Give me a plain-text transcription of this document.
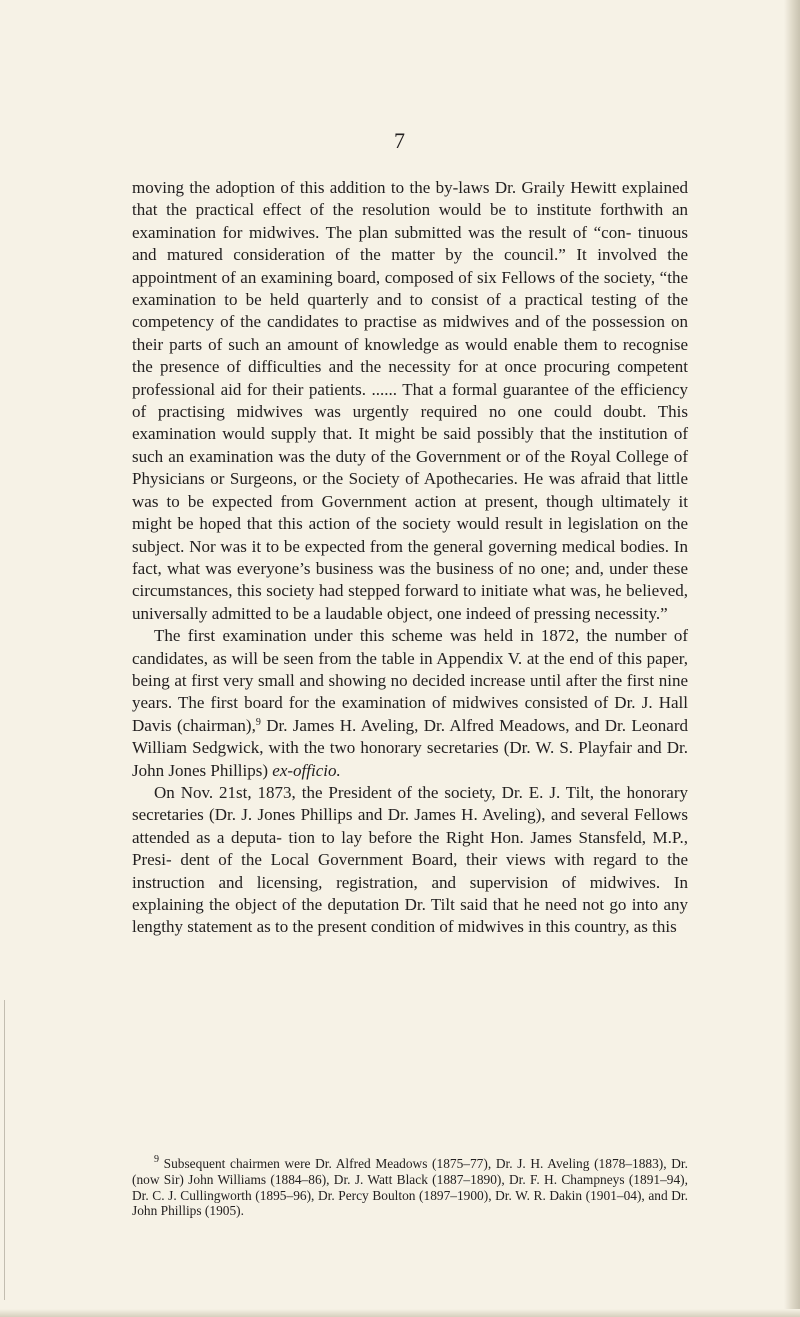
7

moving the adoption of this addition to the by-laws Dr. Graily Hewitt explained that the practical effect of the resolution would be to institute forthwith an examination for midwives. The plan submitted was the result of “con- tinuous and matured consideration of the matter by the council.” It involved the appointment of an examining board, composed of six Fellows of the society, “the examination to be held quarterly and to consist of a practical testing of the competency of the candidates to practise as midwives and of the possession on their parts of such an amount of knowledge as would enable them to recognise the presence of difficulties and the necessity for at once procuring competent professional aid for their patients. ...... That a formal guarantee of the efficiency of practising midwives was urgently required no one could doubt. This examination would supply that. It might be said possibly that the institution of such an examination was the duty of the Government or of the Royal College of Physicians or Surgeons, or the Society of Apothecaries. He was afraid that little was to be expected from Government action at present, though ultimately it might be hoped that this action of the society would result in legislation on the subject. Nor was it to be expected from the general governing medical bodies. In fact, what was everyone’s business was the business of no one; and, under these circumstances, this society had stepped forward to initiate what was, he believed, universally admitted to be a laudable object, one indeed of pressing necessity.”

The first examination under this scheme was held in 1872, the number of candidates, as will be seen from the table in Appendix V. at the end of this paper, being at first very small and showing no decided increase until after the first nine years. The first board for the examination of midwives consisted of Dr. J. Hall Davis (chairman),$^9$ Dr. James H. Aveling, Dr. Alfred Meadows, and Dr. Leonard William Sedgwick, with the two honorary secretaries (Dr. W. S. Playfair and Dr. John Jones Phillips) ex-officio.

On Nov. 21st, 1873, the President of the society, Dr. E. J. Tilt, the honorary secretaries (Dr. J. Jones Phillips and Dr. James H. Aveling), and several Fellows attended as a deputa- tion to lay before the Right Hon. James Stansfeld, M.P., Presi- dent of the Local Government Board, their views with regard to the instruction and licensing, registration, and supervision of midwives. In explaining the object of the deputation Dr. Tilt said that he need not go into any lengthy statement as to the present condition of midwives in this country, as this

$^9$ Subsequent chairmen were Dr. Alfred Meadows (1875–77), Dr. J. H. Aveling (1878–1883), Dr. (now Sir) John Williams (1884–86), Dr. J. Watt Black (1887–1890), Dr. F. H. Champneys (1891–94), Dr. C. J. Cullingworth (1895–96), Dr. Percy Boulton (1897–1900), Dr. W. R. Dakin (1901–04), and Dr. John Phillips (1905).
